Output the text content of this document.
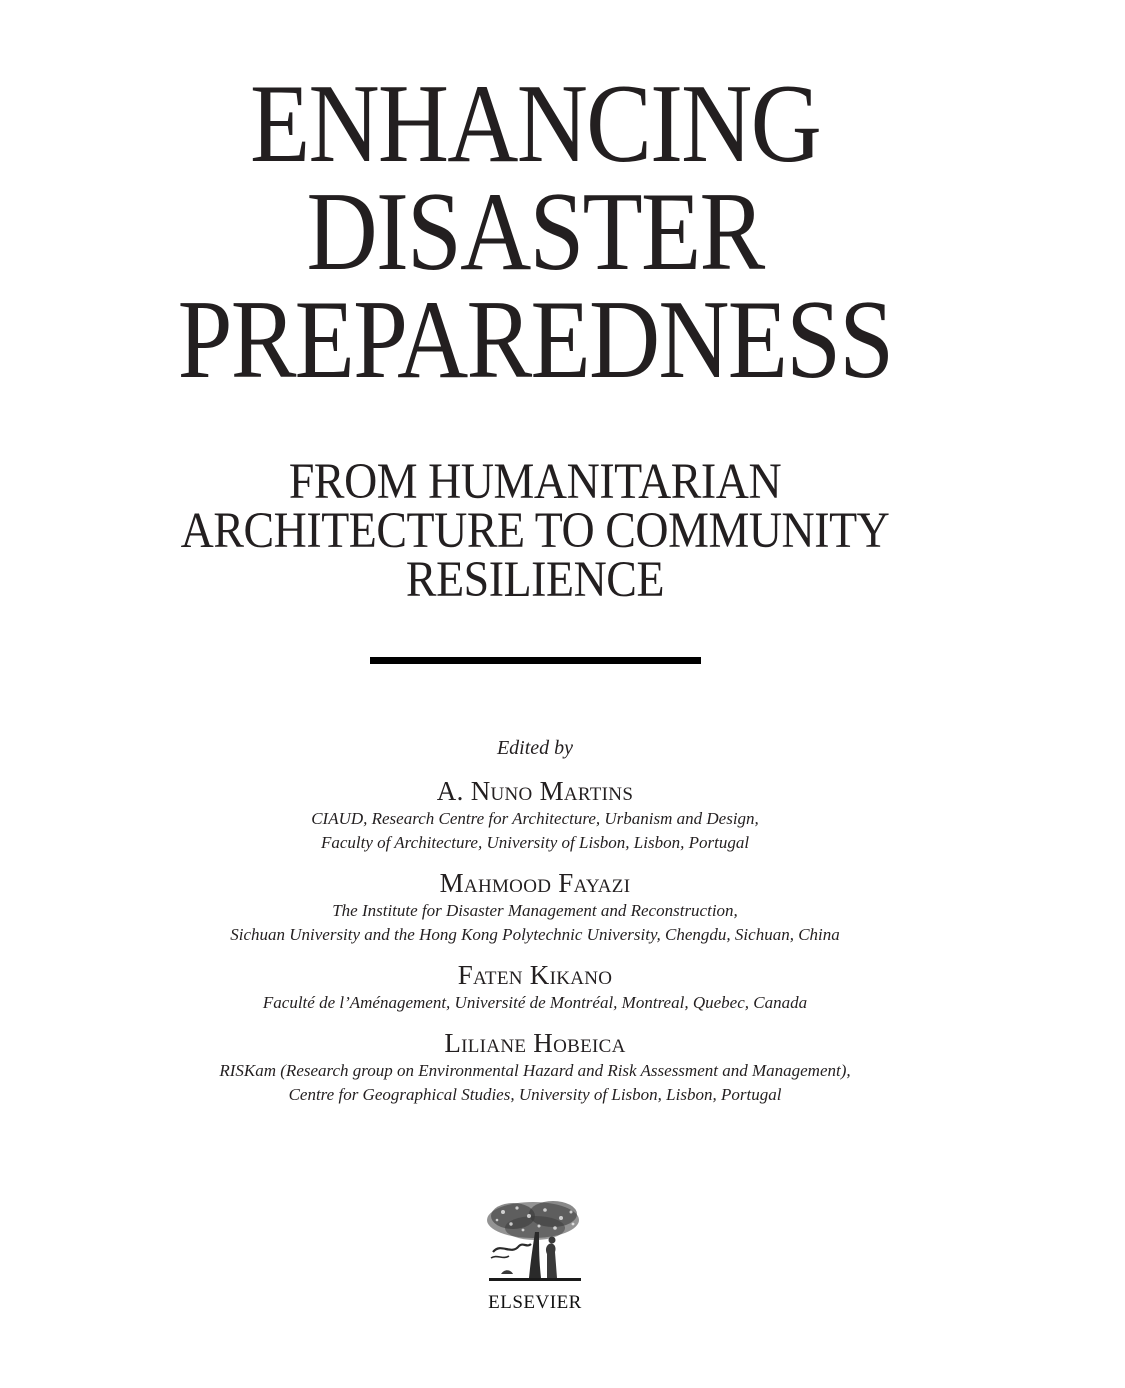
ENHANCING
DISASTER
PREPAREDNESS
FROM HUMANITARIAN
ARCHITECTURE TO COMMUNITY
RESILIENCE
Edited by
A. Nuno Martins
CIAUD, Research Centre for Architecture, Urbanism and Design,
Faculty of Architecture, University of Lisbon, Lisbon, Portugal
Mahmood Fayazi
The Institute for Disaster Management and Reconstruction,
Sichuan University and the Hong Kong Polytechnic University, Chengdu, Sichuan, China
Faten Kikano
Faculté de l’Aménagement, Université de Montréal, Montreal, Quebec, Canada
Liliane Hobeica
RISKam (Research group on Environmental Hazard and Risk Assessment and Management),
Centre for Geographical Studies, University of Lisbon, Lisbon, Portugal
ELSEVIER
